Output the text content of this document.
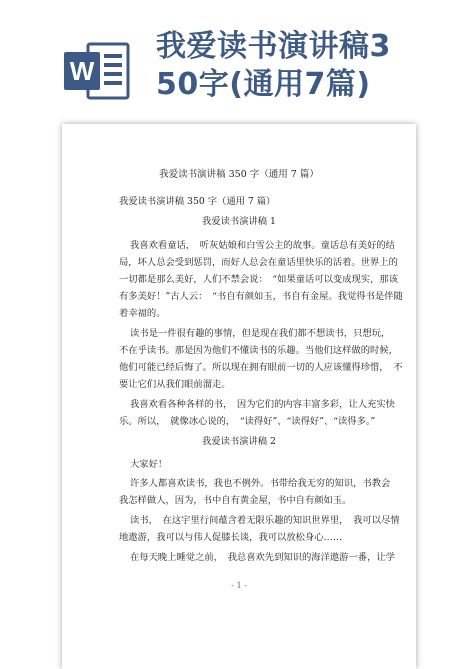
W
我爱读书演讲稿3
50字(通用7篇)
我爱读书演讲稿 350 字（通用 7 篇）
我爱读书演讲稿 350 字（通用 7 篇）
我爱读书演讲稿 1
我喜欢看童话，　听灰姑娘和白雪公主的故事。童话总有美好的结
局，坏人总会受到惩罚，而好人总会在童话里快乐的活着。世界上的
一切都是那么美好，人们不禁会说：　“如果童话可以变成现实，那该
有多美好！”古人云：　“书自有颜如玉，书自有金屋。我觉得书是伴随
着幸福的。
读书是一件很有趣的事情，但是现在我们都不想读书，只想玩，
不在乎读书。那是因为他们不懂读书的乐趣。当他们这样做的时候，
他们可能已经后悔了。所以现在拥有眼前一切的人应该懂得珍惜，　不
要让它们从我们眼前溜走。
我喜欢看各种各样的书，　因为它们的内容丰富多彩，让人充实快
乐。所以，　就像冰心说的，　“读得好”、“读得好”、“读得多。”
我爱读书演讲稿 2
大家好！
许多人都喜欢读书，我也不例外。书带给我无穷的知识，书教会
我怎样做人，因为，书中自有黄金屋，书中自有颜如玉。
读书，　在这宇里行间蕴含着无限乐趣的知识世界里，　我可以尽情
地遨游，我可以与伟人促膝长谈，我可以放松身心……
在每天晚上睡觉之前，　我总喜欢先到知识的海洋遨游一番，让学
- 1 -
